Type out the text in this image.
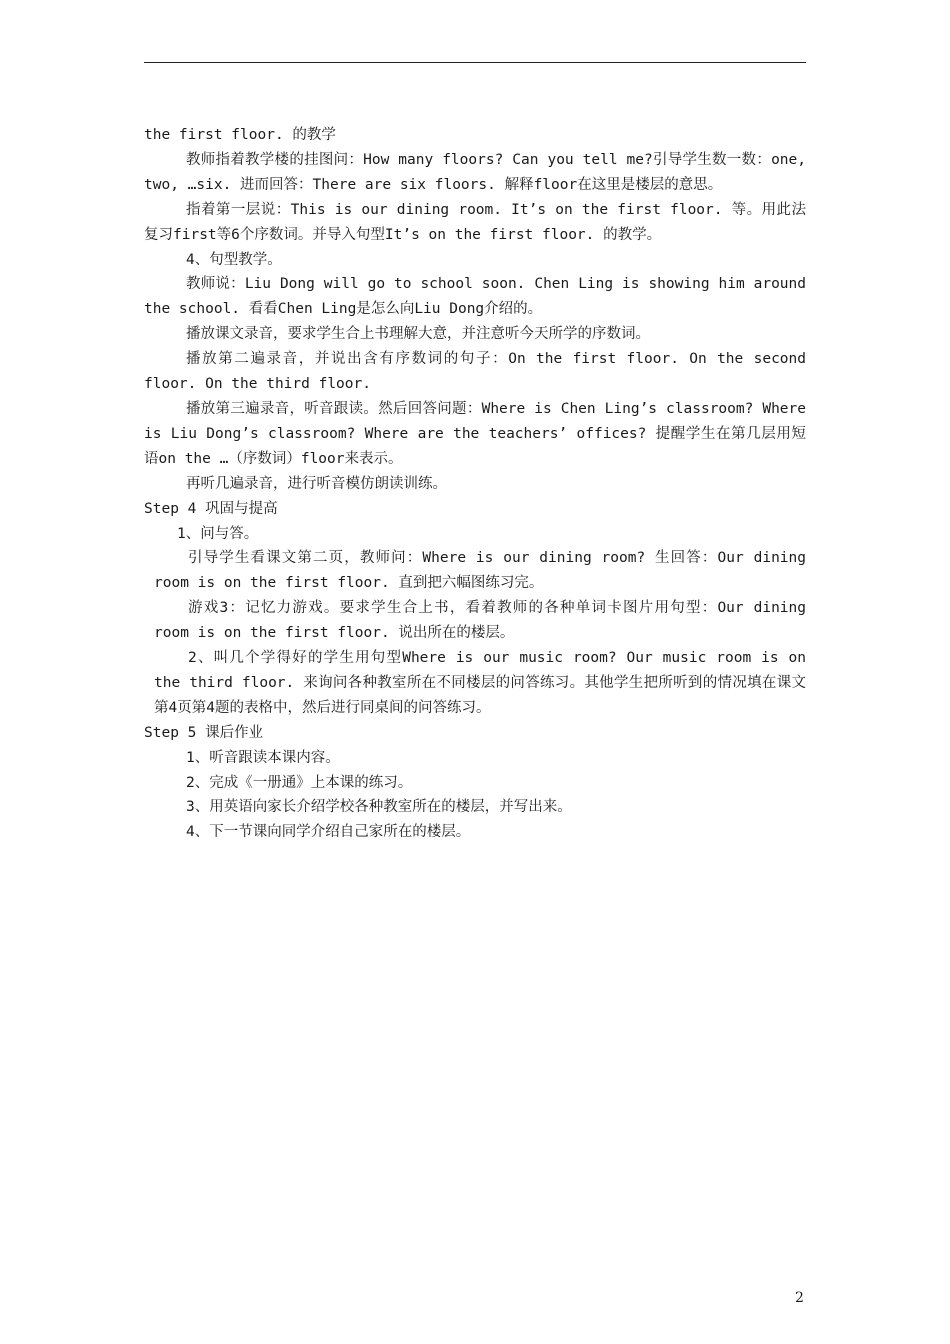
the first floor. 的教学

教师指着教学楼的挂图问：How many floors? Can you tell me?引导学生数一数：one, two, …six. 进而回答：There are six floors. 解释floor在这里是楼层的意思。

指着第一层说：This is our dining room. It’s on the first floor. 等。用此法复习first等6个序数词。并导入句型It’s on the first floor. 的教学。

4、句型教学。

教师说：Liu Dong will go to school soon. Chen Ling is showing him around the school. 看看Chen Ling是怎么向Liu Dong介绍的。

播放课文录音，要求学生合上书理解大意，并注意听今天所学的序数词。

播放第二遍录音，并说出含有序数词的句子：On the first floor. On the second floor. On the third floor.

播放第三遍录音，听音跟读。然后回答问题：Where is Chen Ling’s classroom? Where is Liu Dong’s classroom? Where are the teachers’ offices? 提醒学生在第几层用短语on the …（序数词）floor来表示。

再听几遍录音，进行听音模仿朗读训练。

Step 4 巩固与提高

1、问与答。

引导学生看课文第二页，教师问：Where is our dining room? 生回答：Our dining room is on the first floor. 直到把六幅图练习完。

游戏3：记忆力游戏。要求学生合上书，看着教师的各种单词卡图片用句型：Our dining room is on the first floor. 说出所在的楼层。

2、叫几个学得好的学生用句型Where is our music room? Our music room is on the third floor. 来询问各种教室所在不同楼层的问答练习。其他学生把所听到的情况填在课文第4页第4题的表格中，然后进行同桌间的问答练习。

Step 5 课后作业

1、听音跟读本课内容。

2、完成《一册通》上本课的练习。

3、用英语向家长介绍学校各种教室所在的楼层，并写出来。

4、下一节课向同学介绍自己家所在的楼层。

2
